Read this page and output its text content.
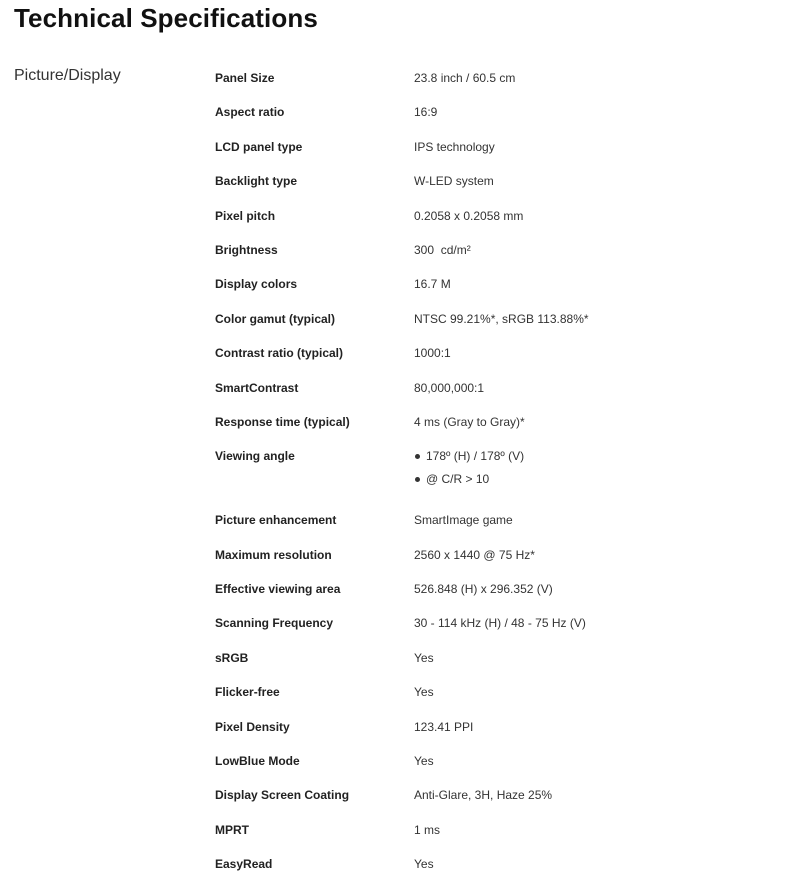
Technical Specifications
Picture/Display	Panel Size	23.8 inch / 60.5 cm
Aspect ratio	16:9
LCD panel type	IPS technology
Backlight type	W-LED system
Pixel pitch	0.2058 x 0.2058 mm
Brightness	300  cd/m²
Display colors	16.7 M
Color gamut (typical)	NTSC 99.21%*, sRGB 113.88%*
Contrast ratio (typical)	1000:1
SmartContrast	80,000,000:1
Response time (typical)	4 ms (Gray to Gray)*
Viewing angle	178º (H) / 178º (V)
@ C/R > 10
Picture enhancement	SmartImage game
Maximum resolution	2560 x 1440 @ 75 Hz*
Effective viewing area	526.848 (H) x 296.352 (V)
Scanning Frequency	30 - 114 kHz (H) / 48 - 75 Hz (V)
sRGB	Yes
Flicker-free	Yes
Pixel Density	123.41 PPI
LowBlue Mode	Yes
Display Screen Coating	Anti-Glare, 3H, Haze 25%
MPRT	1 ms
EasyRead	Yes
